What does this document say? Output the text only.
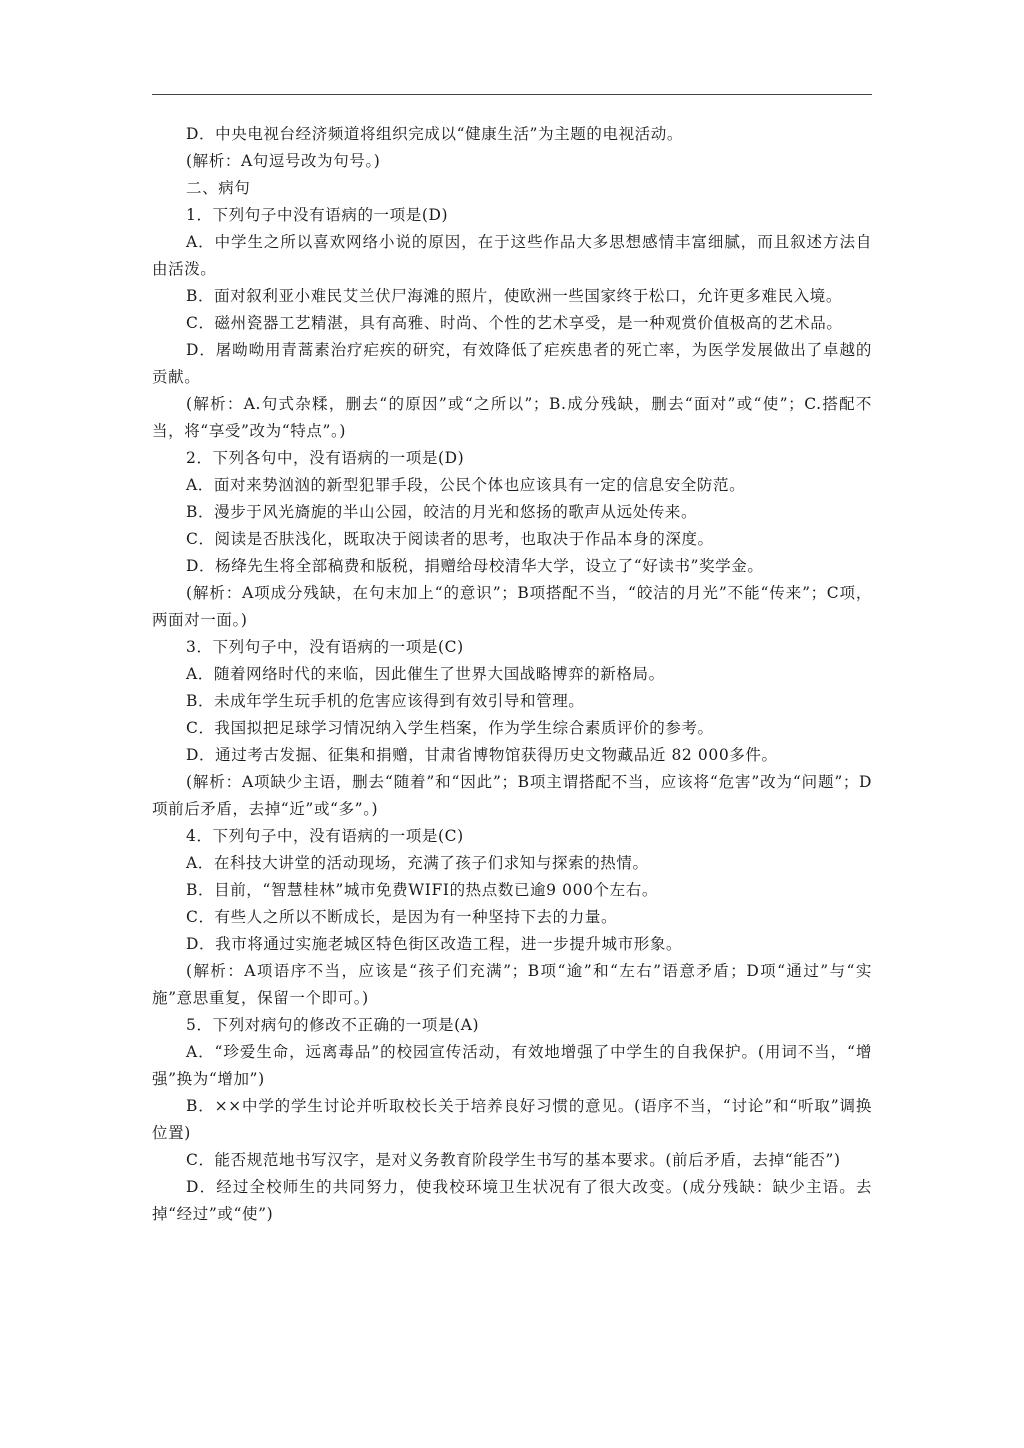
D．中央电视台经济频道将组织完成以“健康生活”为主题的电视活动。

(解析：A句逗号改为句号。)

二、病句

1．下列句子中没有语病的一项是(D)

A．中学生之所以喜欢网络小说的原因，在于这些作品大多思想感情丰富细腻，而且叙述方法自由活泼。

B．面对叙利亚小难民艾兰伏尸海滩的照片，使欧洲一些国家终于松口，允许更多难民入境。

C．磁州瓷器工艺精湛，具有高雅、时尚、个性的艺术享受，是一种观赏价值极高的艺术品。

D．屠呦呦用青蒿素治疗疟疾的研究，有效降低了疟疾患者的死亡率，为医学发展做出了卓越的贡献。

(解析：A.句式杂糅，删去“的原因”或“之所以”；B.成分残缺，删去“面对”或“使”；C.搭配不当，将“享受”改为“特点”。)

2．下列各句中，没有语病的一项是(D)

A．面对来势汹汹的新型犯罪手段，公民个体也应该具有一定的信息安全防范。

B．漫步于风光旖旎的半山公园，皎洁的月光和悠扬的歌声从远处传来。

C．阅读是否肤浅化，既取决于阅读者的思考，也取决于作品本身的深度。

D．杨绛先生将全部稿费和版税，捐赠给母校清华大学，设立了“好读书”奖学金。

(解析：A项成分残缺，在句末加上“的意识”；B项搭配不当，“皎洁的月光”不能“传来”；C项，两面对一面。)

3．下列句子中，没有语病的一项是(C)

A．随着网络时代的来临，因此催生了世界大国战略博弈的新格局。

B．未成年学生玩手机的危害应该得到有效引导和管理。

C．我国拟把足球学习情况纳入学生档案，作为学生综合素质评价的参考。

D．通过考古发掘、征集和捐赠，甘肃省博物馆获得历史文物藏品近 82 000多件。

(解析：A项缺少主语，删去“随着”和“因此”；B项主谓搭配不当，应该将“危害”改为“问题”；D项前后矛盾，去掉“近”或“多”。)

4．下列句子中，没有语病的一项是(C)

A．在科技大讲堂的活动现场，充满了孩子们求知与探索的热情。

B．目前，“智慧桂林”城市免费WIFI的热点数已逾9 000个左右。

C．有些人之所以不断成长，是因为有一种坚持下去的力量。

D．我市将通过实施老城区特色街区改造工程，进一步提升城市形象。

(解析：A项语序不当，应该是“孩子们充满”；B项“逾”和“左右”语意矛盾；D项“通过”与“实施”意思重复，保留一个即可。)

5．下列对病句的修改不正确的一项是(A)

A．“珍爱生命，远离毒品”的校园宣传活动，有效地增强了中学生的自我保护。(用词不当，“增强”换为“增加”)

B．××中学的学生讨论并听取校长关于培养良好习惯的意见。(语序不当，“讨论”和“听取”调换位置)

C．能否规范地书写汉字，是对义务教育阶段学生书写的基本要求。(前后矛盾，去掉“能否”)

D．经过全校师生的共同努力，使我校环境卫生状况有了很大改变。(成分残缺：缺少主语。去掉“经过”或“使”)
